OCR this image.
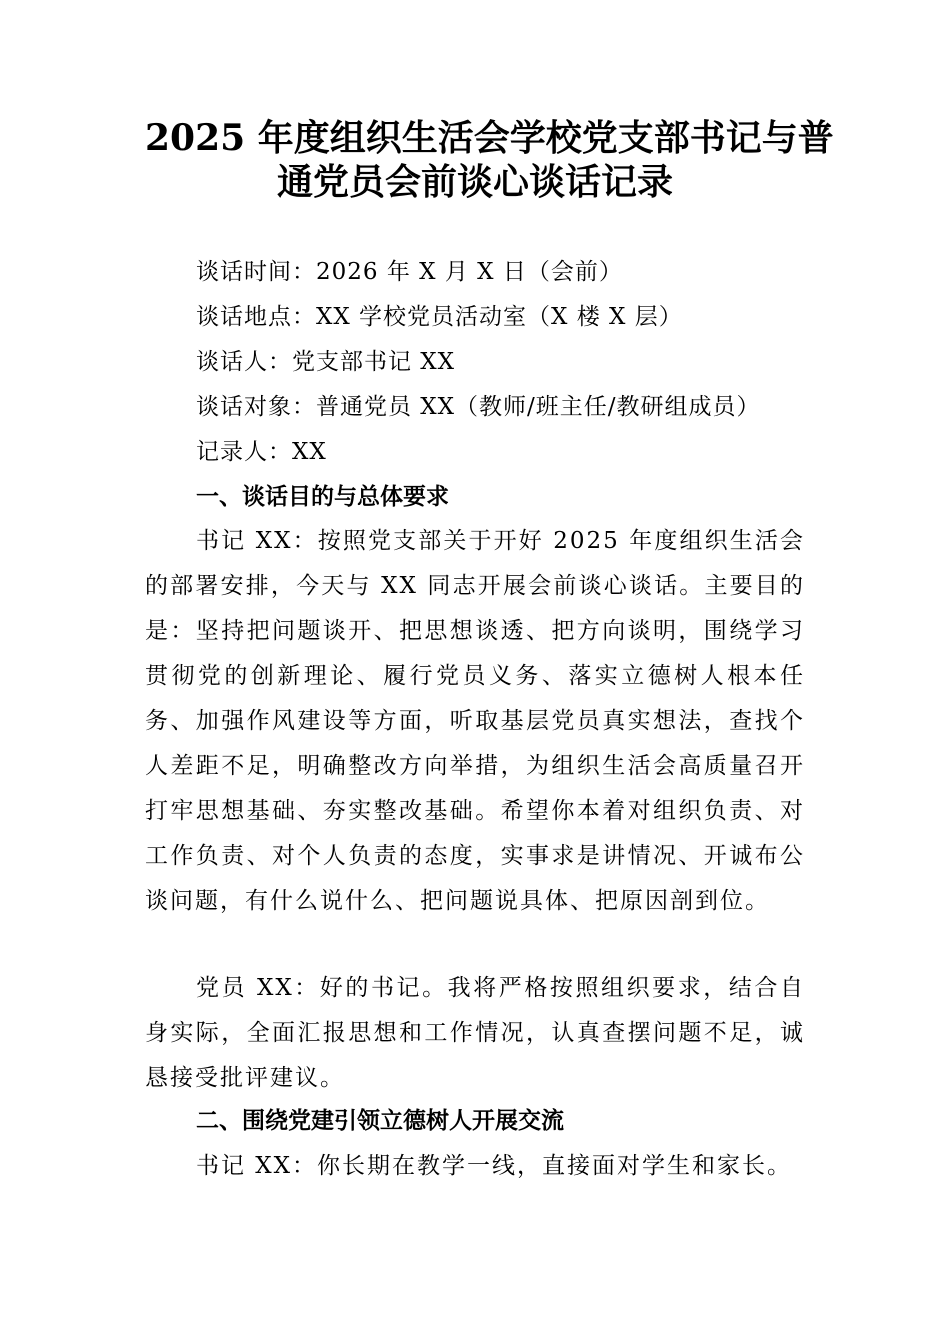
2025 年度组织生活会学校党支部书记与普
通党员会前谈心谈话记录
谈话时间：2026 年 X 月 X 日（会前）
谈话地点：XX 学校党员活动室（X 楼 X 层）
谈话人：党支部书记 XX
谈话对象：普通党员 XX（教师/班主任/教研组成员）
记录人：XX
一、谈话目的与总体要求

书记 XX：按照党支部关于开好 2025 年度组织生活会的部署安排，今天与 XX 同志开展会前谈心谈话。主要目的是：坚持把问题谈开、把思想谈透、把方向谈明，围绕学习贯彻党的创新理论、履行党员义务、落实立德树人根本任务、加强作风建设等方面，听取基层党员真实想法，查找个人差距不足，明确整改方向举措，为组织生活会高质量召开打牢思想基础、夯实整改基础。希望你本着对组织负责、对工作负责、对个人负责的态度，实事求是讲情况、开诚布公谈问题，有什么说什么、把问题说具体、把原因剖到位。

党员 XX：好的书记。我将严格按照组织要求，结合自身实际，全面汇报思想和工作情况，认真查摆问题不足，诚恳接受批评建议。

二、围绕党建引领立德树人开展交流

书记 XX：你长期在教学一线，直接面对学生和家长。
